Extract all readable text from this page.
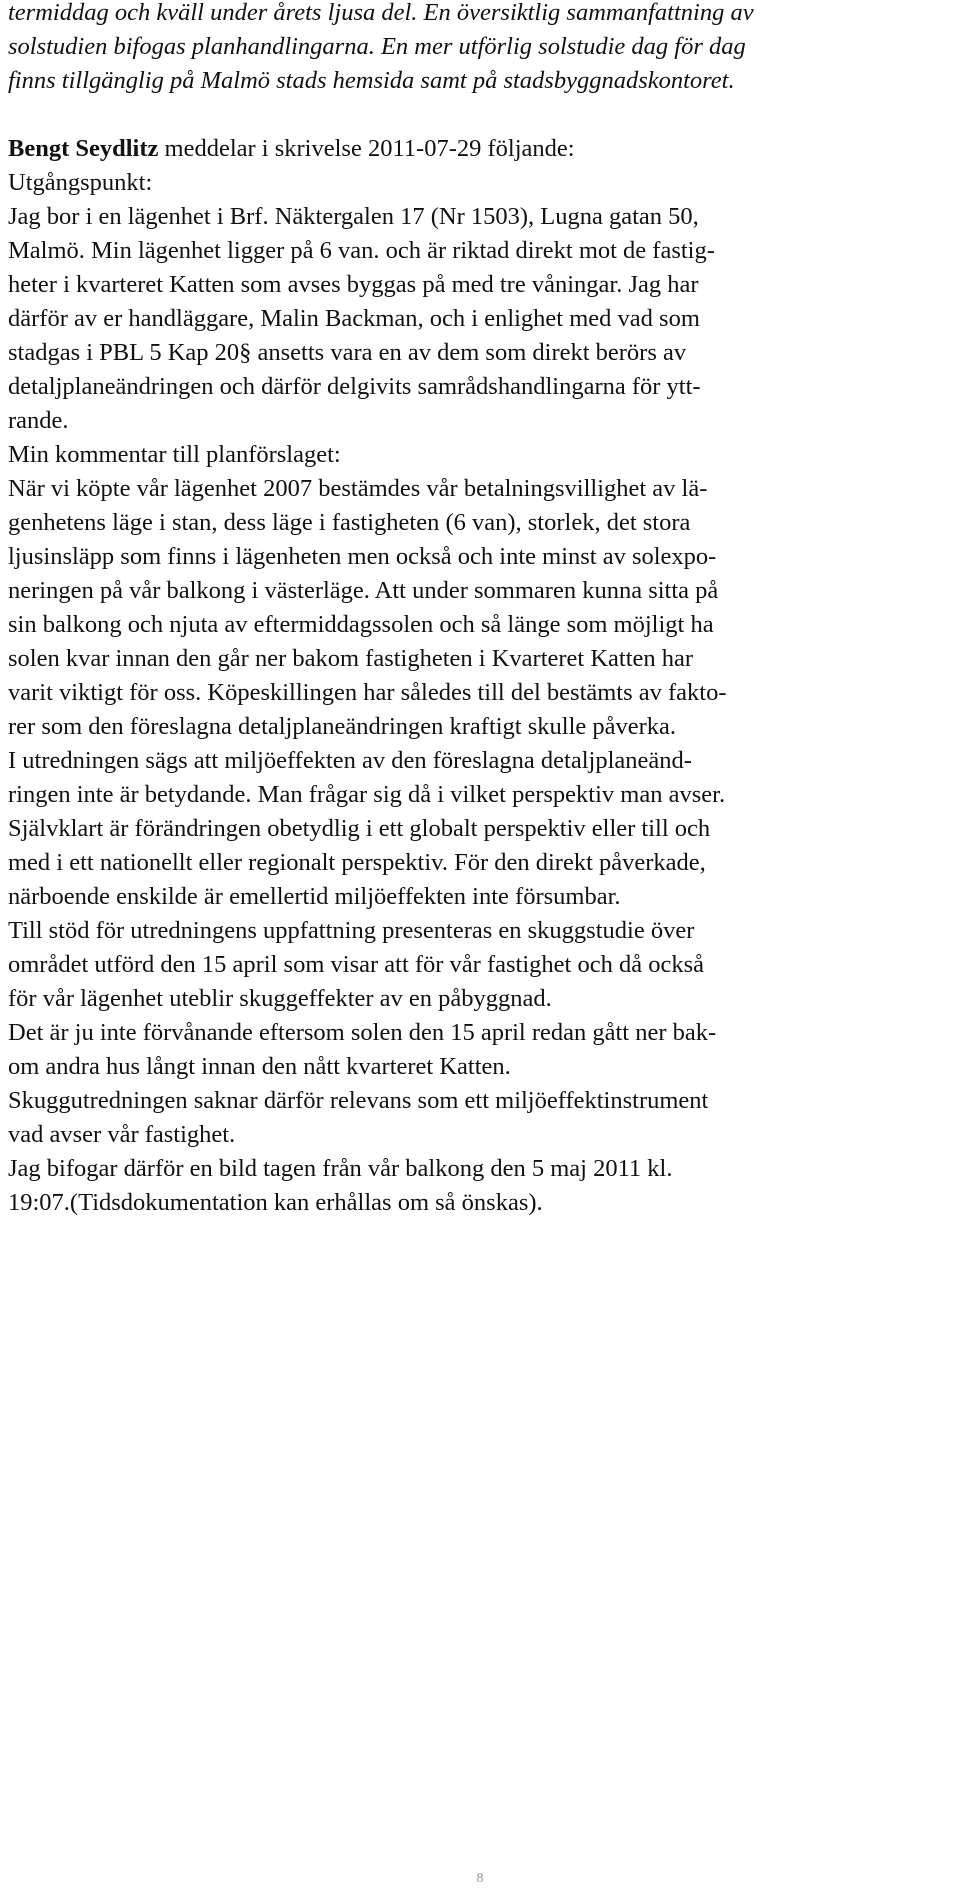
termiddag och kväll under årets ljusa del. En översiktlig sammanfattning av
solstudien bifogas planhandlingarna. En mer utförlig solstudie dag för dag
finns tillgänglig på Malmö stads hemsida samt på stadsbyggnadskontoret.
Bengt Seydlitz meddelar i skrivelse 2011-07-29 följande:
Utgångspunkt:
Jag bor i en lägenhet i Brf. Näktergalen 17 (Nr 1503), Lugna gatan 50,
Malmö. Min lägenhet ligger på 6 van. och är riktad direkt mot de fastig-
heter i kvarteret Katten som avses byggas på med tre våningar. Jag har
därför av er handläggare, Malin Backman, och i enlighet med vad som
stadgas i PBL 5 Kap 20§ ansetts vara en av dem som direkt berörs av
detaljplaneändringen och därför delgivits samrådshandlingarna för ytt-
rande.
Min kommentar till planförslaget:
När vi köpte vår lägenhet 2007 bestämdes vår betalningsvillighet av lä-
genhetens läge i stan, dess läge i fastigheten (6 van), storlek, det stora
ljusinsläpp som finns i lägenheten men också och inte minst av solexpo-
neringen på vår balkong i västerläge. Att under sommaren kunna sitta på
sin balkong och njuta av eftermiddagssolen och så länge som möjligt ha
solen kvar innan den går ner bakom fastigheten i Kvarteret Katten har
varit viktigt för oss. Köpeskillingen har således till del bestämts av fakto-
rer som den föreslagna detaljplaneändringen kraftigt skulle påverka.
I utredningen sägs att miljöeffekten av den föreslagna detaljplaneänd-
ringen inte är betydande. Man frågar sig då i vilket perspektiv man avser.
Självklart är förändringen obetydlig i ett globalt perspektiv eller till och
med i ett nationellt eller regionalt perspektiv. För den direkt påverkade,
närboende enskilde är emellertid miljöeffekten inte försumbar.
Till stöd för utredningens uppfattning presenteras en skuggstudie över
området utförd den 15 april som visar att för vår fastighet och då också
för vår lägenhet uteblir skuggeffekter av en påbyggnad.
Det är ju inte förvånande eftersom solen den 15 april redan gått ner bak-
om andra hus långt innan den nått kvarteret Katten.
Skuggutredningen saknar därför relevans som ett miljöeffektinstrument
vad avser vår fastighet.
Jag bifogar därför en bild tagen från vår balkong den 5 maj 2011 kl.
19:07.(Tidsdokumentation kan erhållas om så önskas).
8
